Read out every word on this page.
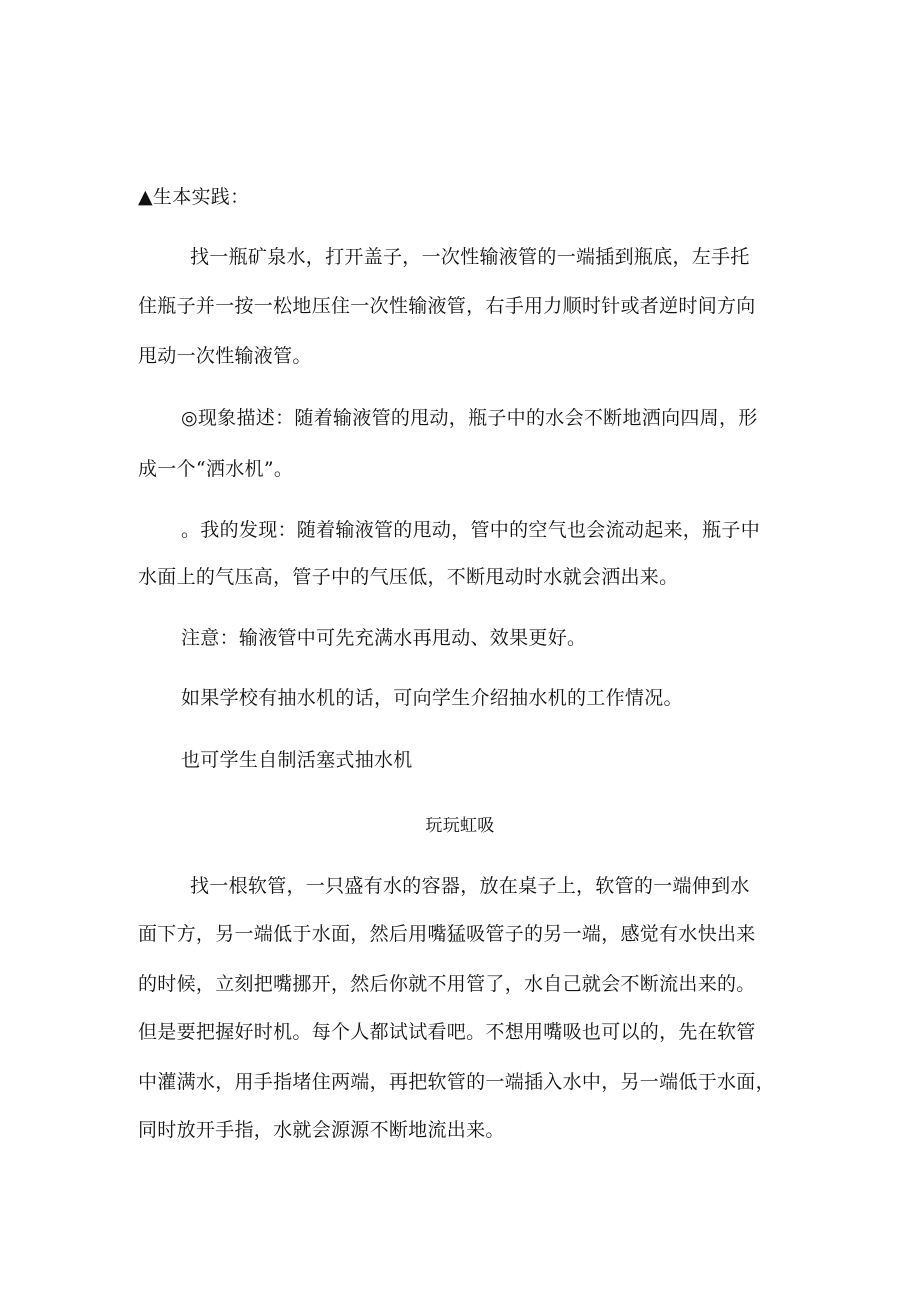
▲生本实践：

找一瓶矿泉水，打开盖子，一次性输液管的一端插到瓶底，左手托

住瓶子并一按一松地压住一次性输液管，右手用力顺时针或者逆时间方向

甩动一次性输液管。

◎现象描述：随着输液管的甩动，瓶子中的水会不断地洒向四周，形

成一个“洒水机”。

。我的发现：随着输液管的甩动，管中的空气也会流动起来，瓶子中

水面上的气压高，管子中的气压低，不断甩动时水就会洒出来。

注意：输液管中可先充满水再甩动、效果更好。

如果学校有抽水机的话，可向学生介绍抽水机的工作情况。

也可学生自制活塞式抽水机

玩玩虹吸

找一根软管，一只盛有水的容器，放在桌子上，软管的一端伸到水

面下方，另一端低于水面，然后用嘴猛吸管子的另一端，感觉有水快出来

的时候，立刻把嘴挪开，然后你就不用管了，水自己就会不断流出来的。

但是要把握好时机。每个人都试试看吧。不想用嘴吸也可以的，先在软管

中灌满水，用手指堵住两端，再把软管的一端插入水中，另一端低于水面，

同时放开手指，水就会源源不断地流出来。
